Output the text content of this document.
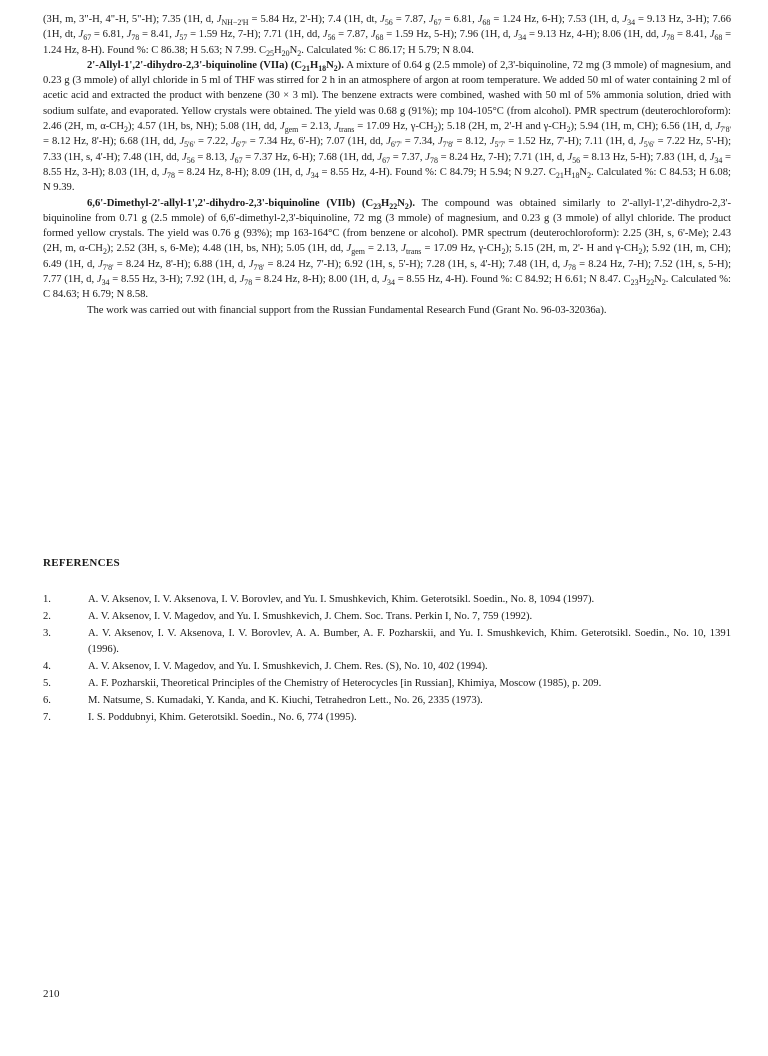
(3H, m, 3"-H, 4"-H, 5"-H); 7.35 (1H, d, $J_{NH-2'H} = 5.84$ Hz, 2'-H); 7.4 (1H, dt, $J_{56} = 7.87$, $J_{67} = 6.81$, $J_{68} = 1.24$ Hz, 6-H); 7.53 (1H, d, $J_{34} = 9.13$ Hz, 3-H); 7.66 (1H, dt, $J_{67} = 6.81$, $J_{78} = 8.41$, $J_{57} = 1.59$ Hz, 7-H); 7.71 (1H, dd, $J_{56} = 7.87$, $J_{68} = 1.59$ Hz, 5-H); 7.96 (1H, d, $J_{34} = 9.13$ Hz, 4-H); 8.06 (1H, dd, $J_{78} = 8.41$, $J_{68} = 1.24$ Hz, 8-H). Found %: C 86.38; H 5.63; N 7.99. $C_{25}H_{20}N_2$. Calculated %: C 86.17; H 5.79; N 8.04.

2'-Allyl-1',2'-dihydro-2,3'-biquinoline (VIIa) $(C_{21}H_{18}N_2)$. A mixture of 0.64 g (2.5 mmole) of 2,3'-biquinoline, 72 mg (3 mmole) of magnesium, and 0.23 g (3 mmole) of allyl chloride in 5 ml of THF was stirred for 2 h in an atmosphere of argon at room temperature. We added 50 ml of water containing 2 ml of acetic acid and extracted the product with benzene (30 × 3 ml). The benzene extracts were combined, washed with 50 ml of 5% ammonia solution, dried with sodium sulfate, and evaporated. Yellow crystals were obtained. The yield was 0.68 g (91%); mp 104-105°C (from alcohol). PMR spectrum (deuterochloroform): 2.46 (2H, m, $\alpha-CH_2$); 4.57 (1H, bs, NH); 5.08 (1H, dd, $J_{gem} = 2.13$, $J_{trans} = 17.09$ Hz, $\gamma-CH_2$); 5.18 (2H, m, 2'-H and $\gamma-CH_2$); 5.94 (1H, m, CH); 6.56 (1H, d, $J_{7'8'} = 8.12$ Hz, 8'-H); 6.68 (1H, dd, $J_{5'6'} = 7.22$, $J_{6'7'} = 7.34$ Hz, 6'-H); 7.07 (1H, dd, $J_{6'7'} = 7.34$, $J_{7'8'} = 8.12$, $J_{5'7'} = 1.52$ Hz, 7'-H); 7.11 (1H, d, $J_{5'6'} = 7.22$ Hz, 5'-H); 7.33 (1H, s, 4'-H); 7.48 (1H, dd, $J_{56} = 8.13$, $J_{67} = 7.37$ Hz, 6-H); 7.68 (1H, dd, $J_{67} = 7.37$, $J_{78} = 8.24$ Hz, 7-H); 7.71 (1H, d, $J_{56} = 8.13$ Hz, 5-H); 7.83 (1H, d, $J_{34} = 8.55$ Hz, 3-H); 8.03 (1H, d, $J_{78} = 8.24$ Hz, 8-H); 8.09 (1H, d, $J_{34} = 8.55$ Hz, 4-H). Found %: C 84.79; H 5.94; N 9.27. $C_{21}H_{18}N_2$. Calculated %: C 84.53; H 6.08; N 9.39.

6,6'-Dimethyl-2'-allyl-1',2'-dihydro-2,3'-biquinoline (VIIb) $(C_{23}H_{22}N_2)$. The compound was obtained similarly to 2'-allyl-1',2'-dihydro-2,3'-biquinoline from 0.71 g (2.5 mmole) of 6,6'-dimethyl-2,3'-biquinoline, 72 mg (3 mmole) of magnesium, and 0.23 g (3 mmole) of allyl chloride. The product formed yellow crystals. The yield was 0.76 g (93%); mp 163-164°C (from benzene or alcohol). PMR spectrum (deuterochloroform): 2.25 (3H, s, 6'-Me); 2.43 (2H, m, $\alpha-CH_2$); 2.52 (3H, s, 6-Me); 4.48 (1H, bs, NH); 5.05 (1H, dd, $J_{gem} = 2.13$, $J_{trans} = 17.09$ Hz, $\gamma-CH_2$); 5.15 (2H, m, 2'- H and $\gamma-CH_2$); 5.92 (1H, m, CH); 6.49 (1H, d, $J_{7'8'} = 8.24$ Hz, 8'-H); 6.88 (1H, d, $J_{7'8'} = 8.24$ Hz, 7'-H); 6.92 (1H, s, 5'-H); 7.28 (1H, s, 4'-H); 7.48 (1H, d, $J_{78} = 8.24$ Hz, 7-H); 7.52 (1H, s, 5-H); 7.77 (1H, d, $J_{34} = 8.55$ Hz, 3-H); 7.92 (1H, d, $J_{78} = 8.24$ Hz, 8-H); 8.00 (1H, d, $J_{34} = 8.55$ Hz, 4-H). Found %: C 84.92; H 6.61; N 8.47. $C_{23}H_{22}N_2$. Calculated %: C 84.63; H 6.79; N 8.58.

The work was carried out with financial support from the Russian Fundamental Research Fund (Grant No. 96-03-32036a).

REFERENCES
1.	A. V. Aksenov, I. V. Aksenova, I. V. Borovlev, and Yu. I. Smushkevich, Khim. Geterotsikl. Soedin., No. 8, 1094 (1997).
2.	A. V. Aksenov, I. V. Magedov, and Yu. I. Smushkevich, J. Chem. Soc. Trans. Perkin I, No. 7, 759 (1992).
3.	A. V. Aksenov, I. V. Aksenova, I. V. Borovlev, A. A. Bumber, A. F. Pozharskii, and Yu. I. Smushkevich, Khim. Geterotsikl. Soedin., No. 10, 1391 (1996).
4.	A. V. Aksenov, I. V. Magedov, and Yu. I. Smushkevich, J. Chem. Res. (S), No. 10, 402 (1994).
5.	A. F. Pozharskii, Theoretical Principles of the Chemistry of Heterocycles [in Russian], Khimiya, Moscow (1985), p. 209.
6.	M. Natsume, S. Kumadaki, Y. Kanda, and K. Kiuchi, Tetrahedron Lett., No. 26, 2335 (1973).
7.	I. S. Poddubnyi, Khim. Geterotsikl. Soedin., No. 6, 774 (1995).
210
